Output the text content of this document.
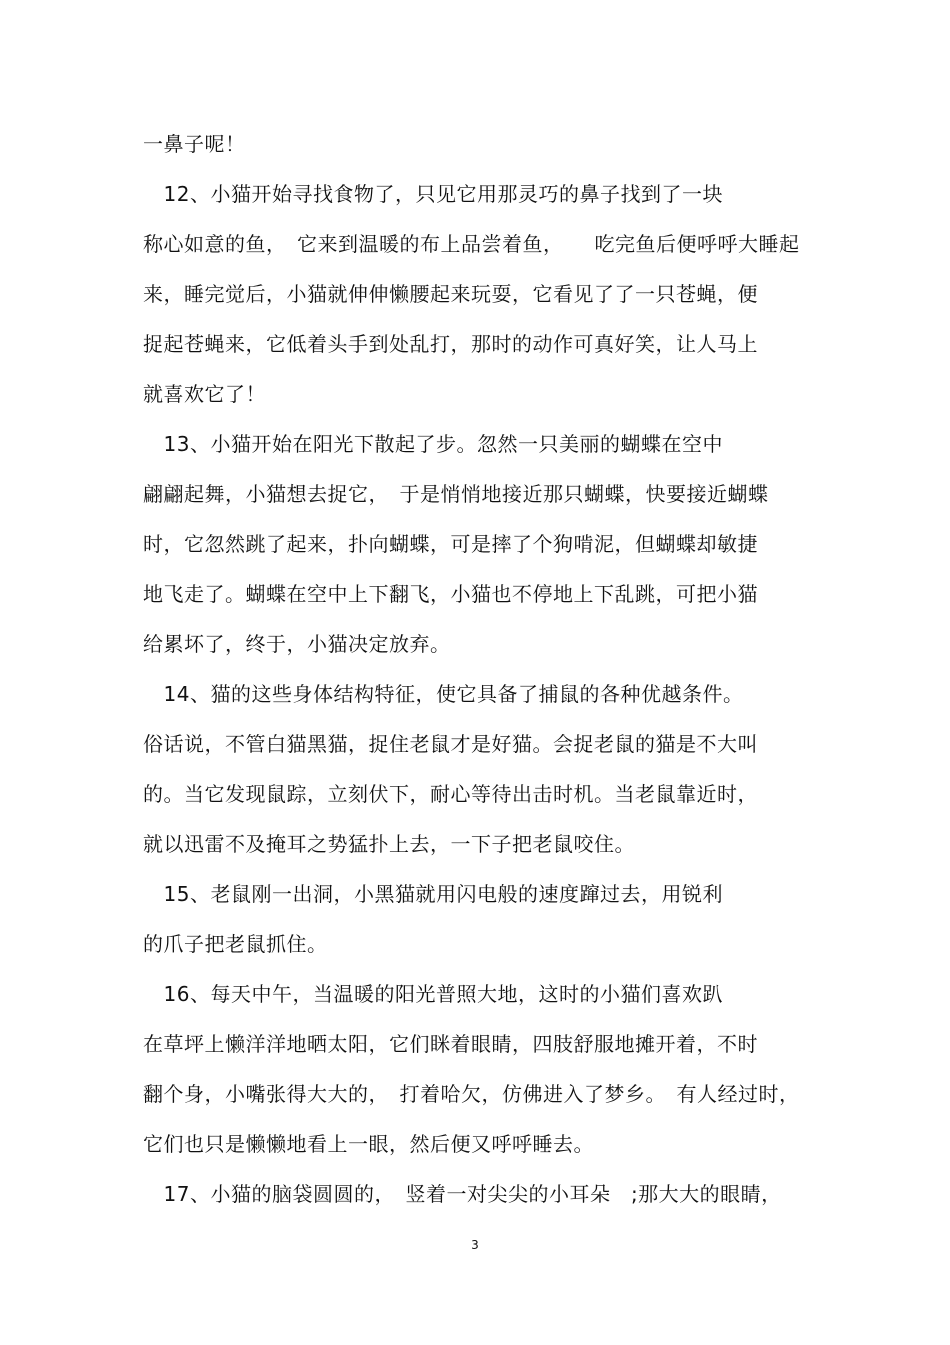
一鼻子呢！
　12、小猫开始寻找食物了，只见它用那灵巧的鼻子找到了一块
称心如意的鱼，　它来到温暖的布上品尝着鱼，　　吃完鱼后便呼呼大睡起
来，睡完觉后，小猫就伸伸懒腰起来玩耍，它看见了了一只苍蝇，便
捉起苍蝇来，它低着头手到处乱打，那时的动作可真好笑，让人马上
就喜欢它了！
　13、小猫开始在阳光下散起了步。忽然一只美丽的蝴蝶在空中
翩翩起舞，小猫想去捉它，　于是悄悄地接近那只蝴蝶，快要接近蝴蝶
时，它忽然跳了起来，扑向蝴蝶，可是摔了个狗啃泥，但蝴蝶却敏捷
地飞走了。蝴蝶在空中上下翻飞，小猫也不停地上下乱跳，可把小猫
给累坏了，终于，小猫决定放弃。
　14、猫的这些身体结构特征，使它具备了捕鼠的各种优越条件。
俗话说，不管白猫黑猫，捉住老鼠才是好猫。会捉老鼠的猫是不大叫
的。当它发现鼠踪，立刻伏下，耐心等待出击时机。当老鼠靠近时，
就以迅雷不及掩耳之势猛扑上去，一下子把老鼠咬住。
　15、老鼠刚一出洞，小黑猫就用闪电般的速度蹿过去，用锐利
的爪子把老鼠抓住。
　16、每天中午，当温暖的阳光普照大地，这时的小猫们喜欢趴
在草坪上懒洋洋地晒太阳，它们眯着眼睛，四肢舒服地摊开着，不时
翻个身，小嘴张得大大的，　打着哈欠，仿佛进入了梦乡。　有人经过时，
它们也只是懒懒地看上一眼，然后便又呼呼睡去。
　17、小猫的脑袋圆圆的，　竖着一对尖尖的小耳朵　;那大大的眼睛，
3
